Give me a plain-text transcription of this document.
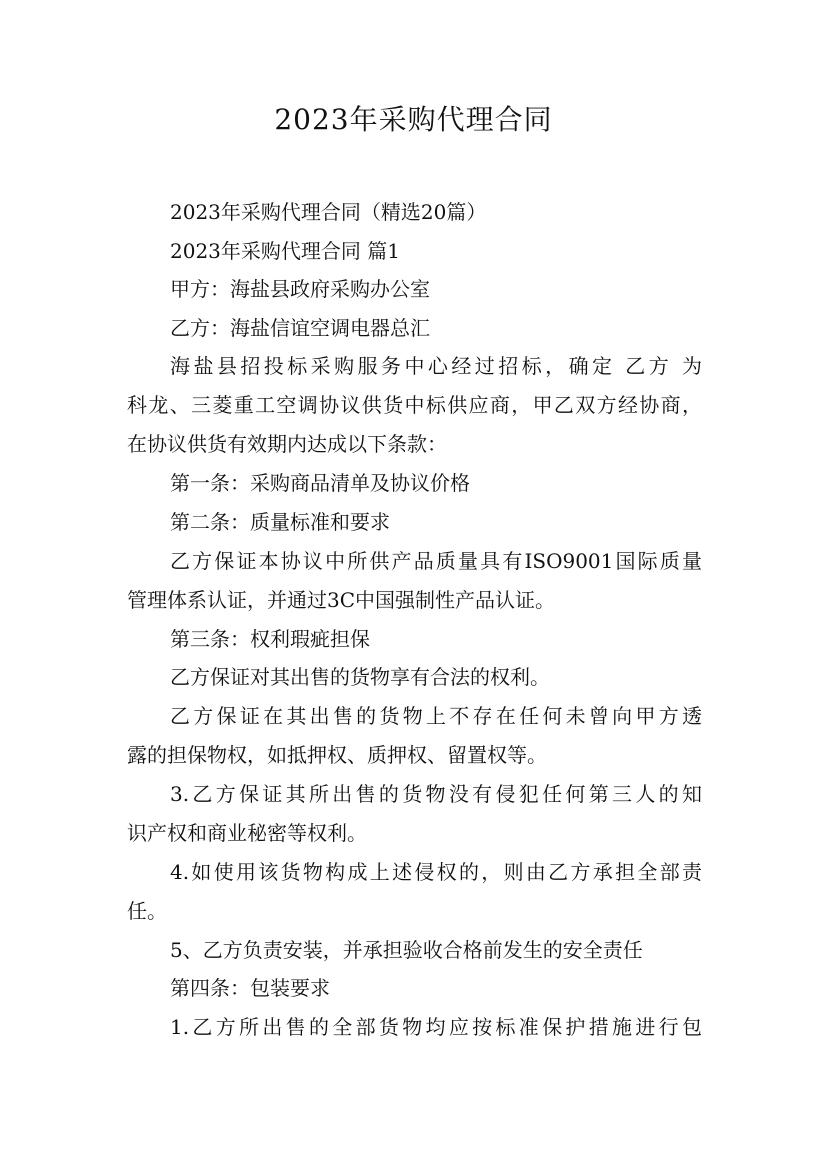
2023年采购代理合同
2023年采购代理合同（精选20篇）
2023年采购代理合同 篇1
甲方：海盐县政府采购办公室
乙方：海盐信谊空调电器总汇
海盐县招投标采购服务中心经过招标，确定 乙方 为
科龙、三菱重工空调协议供货中标供应商，甲乙双方经协商，
在协议供货有效期内达成以下条款：
第一条：采购商品清单及协议价格
第二条：质量标准和要求
乙方保证本协议中所供产品质量具有ISO9001国际质量
管理体系认证，并通过3C中国强制性产品认证。
第三条：权利瑕疵担保
乙方保证对其出售的货物享有合法的权利。
乙方保证在其出售的货物上不存在任何未曾向甲方透
露的担保物权，如抵押权、质押权、留置权等。
3.乙方保证其所出售的货物没有侵犯任何第三人的知
识产权和商业秘密等权利。
4.如使用该货物构成上述侵权的，则由乙方承担全部责
任。
5、乙方负责安装，并承担验收合格前发生的安全责任
第四条：包装要求
1.乙方所出售的全部货物均应按标准保护措施进行包
